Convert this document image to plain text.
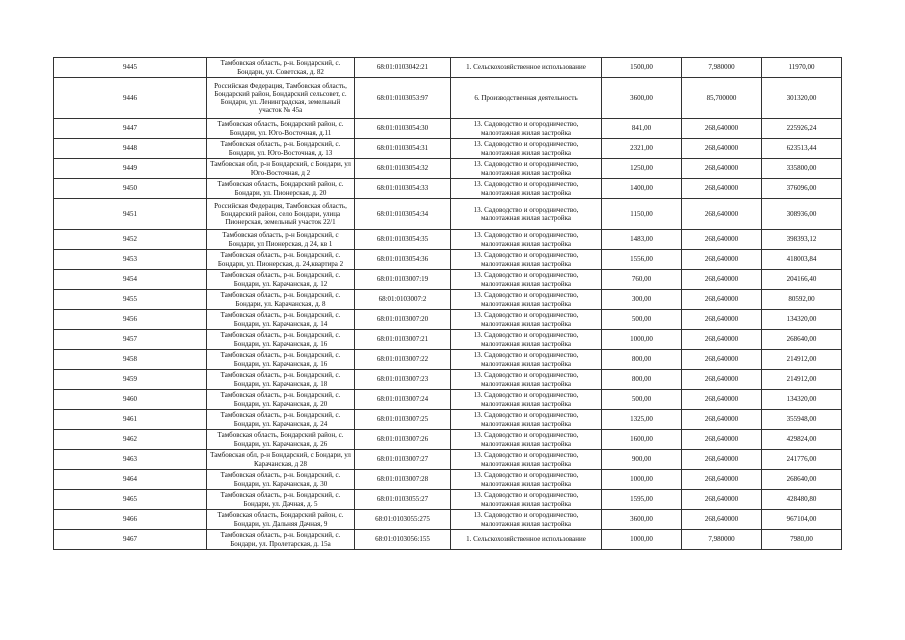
9445	Тамбовская область, р-н. Бондарский, с. Бондари, ул. Советская, д. 82	68:01:0103042:21	1. Сельскохозяйственное использование	1500,00	7,980000	11970,00
9446	Российская Федерация, Тамбовская область, Бондарский район, Бондарский сельсовет, с. Бондари, ул. Ленинградская, земельный участок № 45а	68:01:0103053:97	6. Производственная деятельность	3600,00	85,700000	301320,00
9447	Тамбовская область, Бондарский район, с. Бондари, ул. Юго-Восточная, д.11	68:01:0103054:30	13. Садоводство и огородничество, малоэтажная жилая застройка	841,00	268,640000	225926,24
9448	Тамбовская область, р-н. Бондарский, с. Бондари, ул. Юго-Восточная, д. 13	68:01:0103054:31	13. Садоводство и огородничество, малоэтажная жилая застройка	2321,00	268,640000	623513,44
9449	Тамбовская обл, р-н Бондарский, с Бондари, ул Юго-Восточная, д 2	68:01:0103054:32	13. Садоводство и огородничество, малоэтажная жилая застройка	1250,00	268,640000	335800,00
9450	Тамбовская область, Бондарский район, с. Бондари, ул. Пионерская, д. 20	68:01:0103054:33	13. Садоводство и огородничество, малоэтажная жилая застройка	1400,00	268,640000	376096,00
9451	Российская Федерация, Тамбовская область, Бондарский район, село Бондари, улица Пионерская, земельный участок 22/1	68:01:0103054:34	13. Садоводство и огородничество, малоэтажная жилая застройка	1150,00	268,640000	308936,00
9452	Тамбовская область, р-н Бондарский, с Бондари, ул Пионерская, д 24, кв 1	68:01:0103054:35	13. Садоводство и огородничество, малоэтажная жилая застройка	1483,00	268,640000	398393,12
9453	Тамбовская область, р-н. Бондарский, с. Бондари, ул. Пионерская, д. 24,квартира 2	68:01:0103054:36	13. Садоводство и огородничество, малоэтажная жилая застройка	1556,00	268,640000	418003,84
9454	Тамбовская область, р-н. Бондарский, с. Бондари, ул. Карачанская, д. 12	68:01:0103007:19	13. Садоводство и огородничество, малоэтажная жилая застройка	760,00	268,640000	204166,40
9455	Тамбовская область, р-н. Бондарский, с. Бондари, ул. Карачанская, д. 8	68:01:0103007:2	13. Садоводство и огородничество, малоэтажная жилая застройка	300,00	268,640000	80592,00
9456	Тамбовская область, р-н. Бондарский, с. Бондари, ул. Карачанская, д. 14	68:01:0103007:20	13. Садоводство и огородничество, малоэтажная жилая застройка	500,00	268,640000	134320,00
9457	Тамбовская область, р-н. Бондарский, с. Бондари, ул. Карачанская, д. 16	68:01:0103007:21	13. Садоводство и огородничество, малоэтажная жилая застройка	1000,00	268,640000	268640,00
9458	Тамбовская область, р-н. Бондарский, с. Бондари, ул. Карачанская, д. 16	68:01:0103007:22	13. Садоводство и огородничество, малоэтажная жилая застройка	800,00	268,640000	214912,00
9459	Тамбовская область, р-н. Бондарский, с. Бондари, ул. Карачанская, д. 18	68:01:0103007:23	13. Садоводство и огородничество, малоэтажная жилая застройка	800,00	268,640000	214912,00
9460	Тамбовская область, р-н. Бондарский, с. Бондари, ул. Карачанская, д. 20	68:01:0103007:24	13. Садоводство и огородничество, малоэтажная жилая застройка	500,00	268,640000	134320,00
9461	Тамбовская область, р-н. Бондарский, с. Бондари, ул. Карачанская, д. 24	68:01:0103007:25	13. Садоводство и огородничество, малоэтажная жилая застройка	1325,00	268,640000	355948,00
9462	Тамбовская область, Бондарский район, с. Бондари, ул. Карачанская, д. 26	68:01:0103007:26	13. Садоводство и огородничество, малоэтажная жилая застройка	1600,00	268,640000	429824,00
9463	Тамбовская обл, р-н Бондарский, с Бондари, ул Карачанская, д 28	68:01:0103007:27	13. Садоводство и огородничество, малоэтажная жилая застройка	900,00	268,640000	241776,00
9464	Тамбовская область, р-н. Бондарский, с. Бондари, ул. Карачанская, д. 30	68:01:0103007:28	13. Садоводство и огородничество, малоэтажная жилая застройка	1000,00	268,640000	268640,00
9465	Тамбовская область, р-н. Бондарский, с. Бондари, ул. Дачная, д. 5	68:01:0103055:27	13. Садоводство и огородничество, малоэтажная жилая застройка	1595,00	268,640000	428480,80
9466	Тамбовская область, Бондарский район, с. Бондари, ул. Дальняя Дачная, 9	68:01:0103055:275	13. Садоводство и огородничество, малоэтажная жилая застройка	3600,00	268,640000	967104,00
9467	Тамбовская область, р-н. Бондарский, с. Бондари, ул. Пролетарская, д. 15а	68:01:0103056:155	1. Сельскохозяйственное использование	1000,00	7,980000	7980,00
